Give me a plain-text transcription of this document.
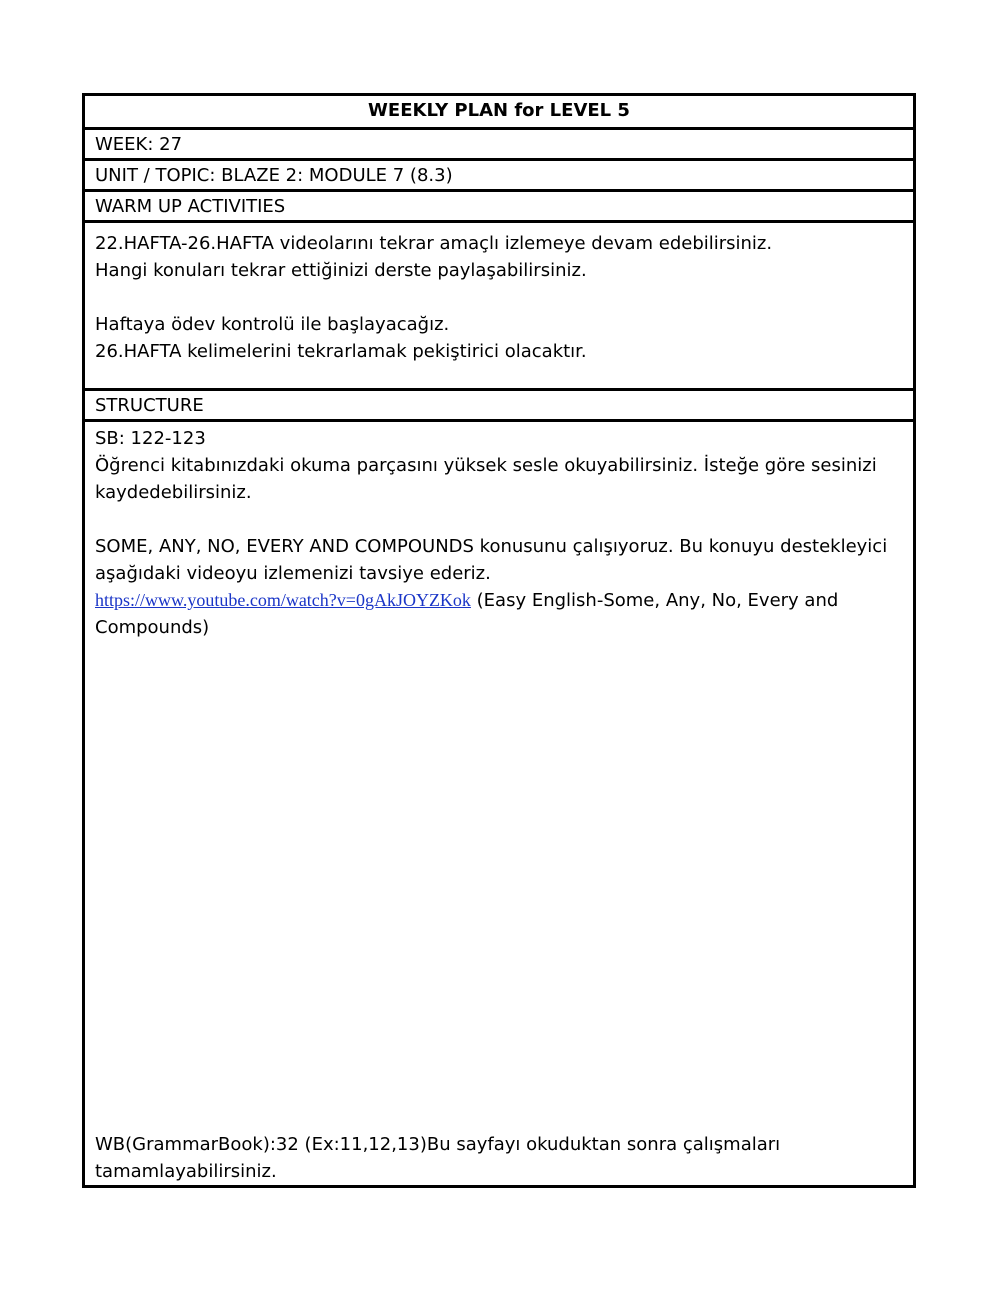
WEEKLY PLAN for LEVEL 5
WEEK: 27
UNIT / TOPIC: BLAZE 2: MODULE 7 (8.3)
WARM UP ACTIVITIES
22.HAFTA-26.HAFTA videolarını tekrar amaçlı izlemeye devam edebilirsiniz.
Hangi konuları tekrar ettiğinizi derste paylaşabilirsiniz.
Haftaya ödev kontrolü ile başlayacağız.
26.HAFTA kelimelerini tekrarlamak pekiştirici olacaktır.
STRUCTURE
SB: 122-123
Öğrenci kitabınızdaki okuma parçasını yüksek sesle okuyabilirsiniz. İsteğe göre sesinizi kaydedebilirsiniz.
SOME, ANY, NO, EVERY AND COMPOUNDS konusunu çalışıyoruz. Bu konuyu destekleyici aşağıdaki videoyu izlemenizi tavsiye ederiz.
https://www.youtube.com/watch?v=0gAkJOYZKok (Easy English-Some, Any, No, Every and Compounds)
WB(GrammarBook):32 (Ex:11,12,13)Bu sayfayı okuduktan sonra çalışmaları tamamlayabilirsiniz.
